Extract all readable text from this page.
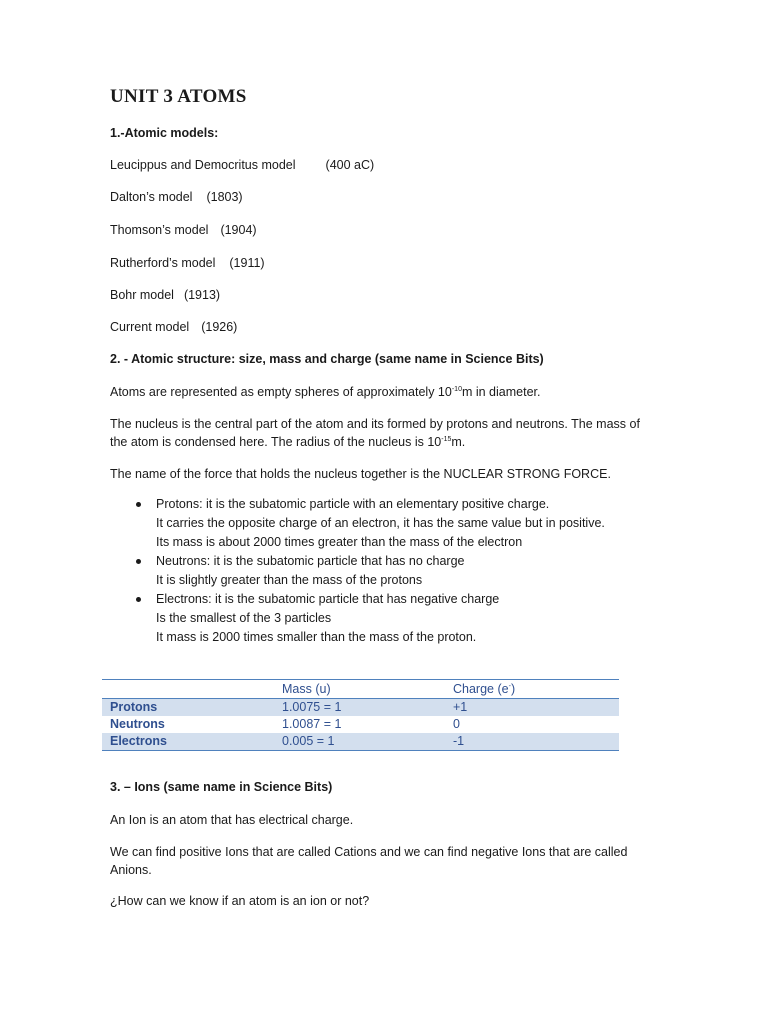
UNIT 3 ATOMS

1.-Atomic models:

Leucippus and Democritus model (400 aC)

Dalton’s model (1803)

Thomson’s model (1904)

Rutherford’s model (1911)

Bohr model (1913)

Current model (1926)

2. - Atomic structure: size, mass and charge (same name in Science Bits)

Atoms are represented as empty spheres of approximately $10^{-10}m$ in diameter.

The nucleus is the central part of the atom and its formed by protons and neutrons. The mass of the atom is condensed here. The radius of the nucleus is $10^{-15}m$.

The name of the force that holds the nucleus together is the NUCLEAR STRONG FORCE.

Protons: it is the subatomic particle with an elementary positive charge.
It carries the opposite charge of an electron, it has the same value but in positive.
Its mass is about 2000 times greater than the mass of the electron
Neutrons: it is the subatomic particle that has no charge
It is slightly greater than the mass of the protons
Electrons: it is the subatomic particle that has negative charge
Is the smallest of the 3 particles
It mass is 2000 times smaller than the mass of the proton.

3. – Ions (same name in Science Bits)

An Ion is an atom that has electrical charge.

We can find positive Ions that are called Cations and we can find negative Ions that are called Anions.

¿How can we know if an atom is an ion or not?

	Mass (u)	Charge (e-)
Protons	1.0075 = 1	+1
Neutrons	1.0087 = 1	0
Electrons	0.005 = 1	-1
